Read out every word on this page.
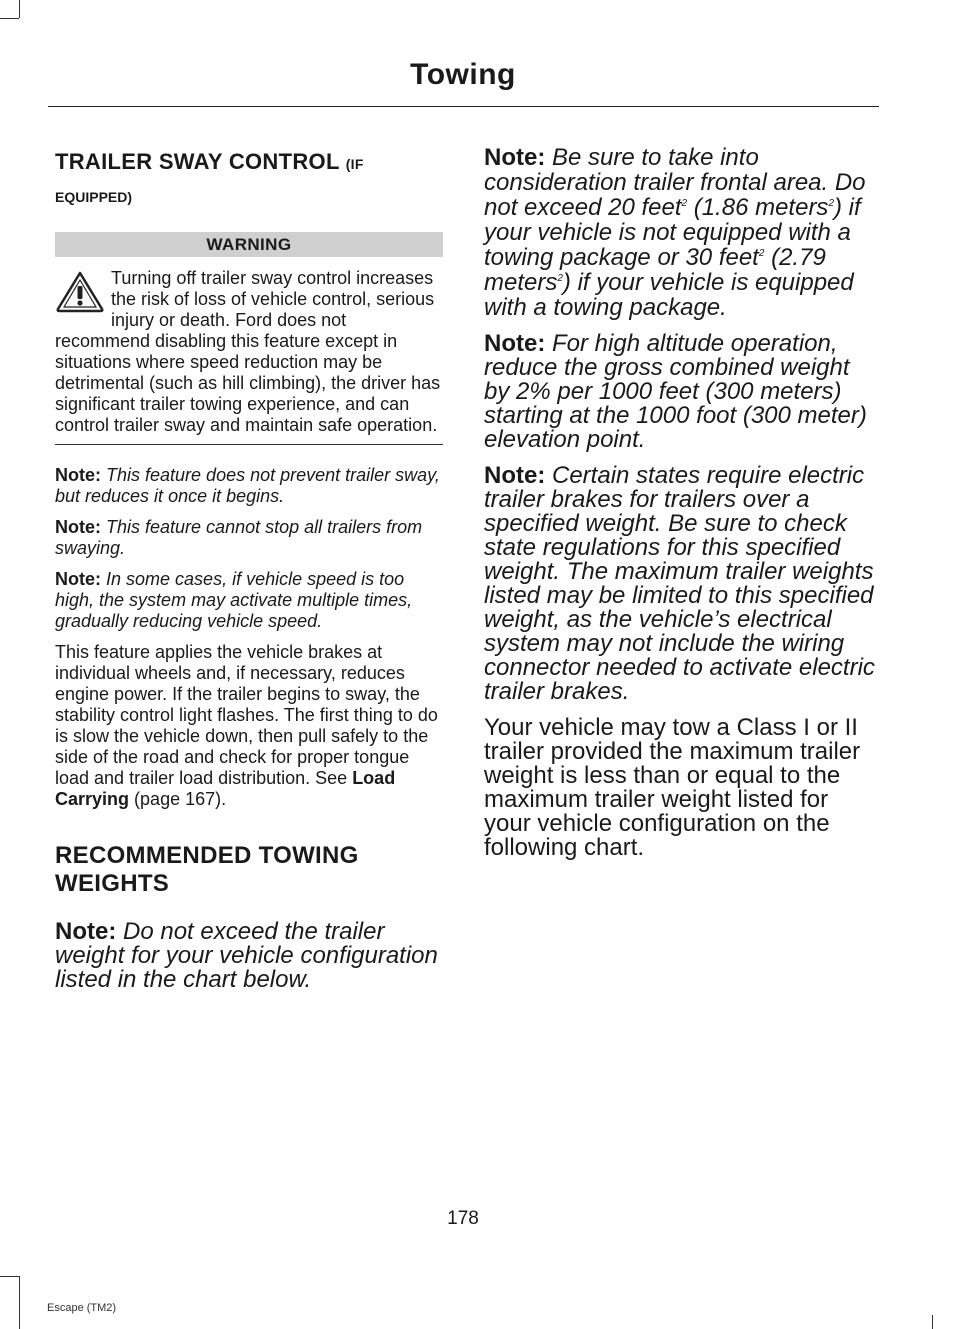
Towing

TRAILER SWAY CONTROL (IF

EQUIPPED)

WARNING
Turning off trailer sway control increases the risk of loss of vehicle control, serious injury or death. Ford does not recommend disabling this feature except in situations where speed reduction may be detrimental (such as hill climbing), the driver has significant trailer towing experience, and can control trailer sway and maintain safe operation.

Note: This feature does not prevent trailer sway, but reduces it once it begins.

Note: This feature cannot stop all trailers from swaying.

Note: In some cases, if vehicle speed is too high, the system may activate multiple times, gradually reducing vehicle speed.

This feature applies the vehicle brakes at individual wheels and, if necessary, reduces engine power. If the trailer begins to sway, the stability control light flashes. The first thing to do is slow the vehicle down, then pull safely to the side of the road and check for proper tongue load and trailer load distribution. See Load Carrying (page 167).

RECOMMENDED TOWING WEIGHTS

Note: Do not exceed the trailer weight for your vehicle configuration listed in the chart below.

Note: Be sure to take into consideration trailer frontal area. Do not exceed 20 feet$^2$ (1.86 meters$^2$) if your vehicle is not equipped with a towing package or 30 feet$^2$ (2.79 meters$^2$) if your vehicle is equipped with a towing package.

Note: For high altitude operation, reduce the gross combined weight by 2% per 1000 feet (300 meters) starting at the 1000 foot (300 meter) elevation point.

Note: Certain states require electric trailer brakes for trailers over a specified weight. Be sure to check state regulations for this specified weight. The maximum trailer weights listed may be limited to this specified weight, as the vehicle’s electrical system may not include the wiring connector needed to activate electric trailer brakes.

Your vehicle may tow a Class I or II trailer provided the maximum trailer weight is less than or equal to the maximum trailer weight listed for your vehicle configuration on the following chart.

178
Escape (TM2)
